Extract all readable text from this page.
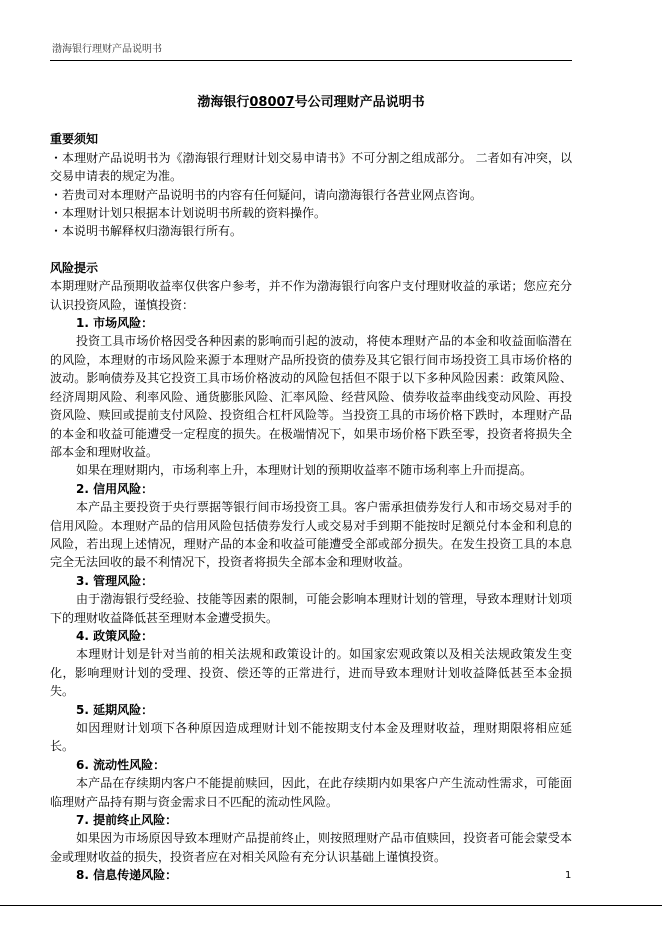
渤海银行理财产品说明书
渤海银行08007号公司理财产品说明书

重要须知

・本理财产品说明书为《渤海银行理财计划交易申请书》不可分割之组成部分。 二者如有冲突，以交易申请表的规定为准。

・若贵司对本理财产品说明书的内容有任何疑问，请向渤海银行各营业网点咨询。

・本理财计划只根据本计划说明书所载的资料操作。

・本说明书解释权归渤海银行所有。

风险提示

本期理财产品预期收益率仅供客户参考，并不作为渤海银行向客户支付理财收益的承诺；您应充分认识投资风险，谨慎投资：

1. 市场风险：

投资工具市场价格因受各种因素的影响而引起的波动，将使本理财产品的本金和收益面临潜在的风险，本理财的市场风险来源于本理财产品所投资的债券及其它银行间市场投资工具市场价格的波动。影响债券及其它投资工具市场价格波动的风险包括但不限于以下多种风险因素：政策风险、经济周期风险、利率风险、通货膨胀风险、汇率风险、经营风险、债券收益率曲线变动风险、再投资风险、赎回或提前支付风险、投资组合杠杆风险等。当投资工具的市场价格下跌时，本理财产品的本金和收益可能遭受一定程度的损失。在极端情况下，如果市场价格下跌至零，投资者将损失全部本金和理财收益。

如果在理财期内，市场利率上升，本理财计划的预期收益率不随市场利率上升而提高。

2. 信用风险：

本产品主要投资于央行票据等银行间市场投资工具。客户需承担债券发行人和市场交易对手的信用风险。本理财产品的信用风险包括债券发行人或交易对手到期不能按时足额兑付本金和利息的风险，若出现上述情况，理财产品的本金和收益可能遭受全部或部分损失。在发生投资工具的本息完全无法回收的最不利情况下，投资者将损失全部本金和理财收益。

3. 管理风险：

由于渤海银行受经验、技能等因素的限制，可能会影响本理财计划的管理，导致本理财计划项下的理财收益降低甚至理财本金遭受损失。

4. 政策风险：

本理财计划是针对当前的相关法规和政策设计的。如国家宏观政策以及相关法规政策发生变化，影响理财计划的受理、投资、偿还等的正常进行，进而导致本理财计划收益降低甚至本金损失。

5. 延期风险：

如因理财计划项下各种原因造成理财计划不能按期支付本金及理财收益，理财期限将相应延长。

6. 流动性风险：

本产品在存续期内客户不能提前赎回，因此，在此存续期内如果客户产生流动性需求，可能面临理财产品持有期与资金需求日不匹配的流动性风险。

7. 提前终止风险：

如果因为市场原因导致本理财产品提前终止，则按照理财产品市值赎回，投资者可能会蒙受本金或理财收益的损失，投资者应在对相关风险有充分认识基础上谨慎投资。

8. 信息传递风险：	1
